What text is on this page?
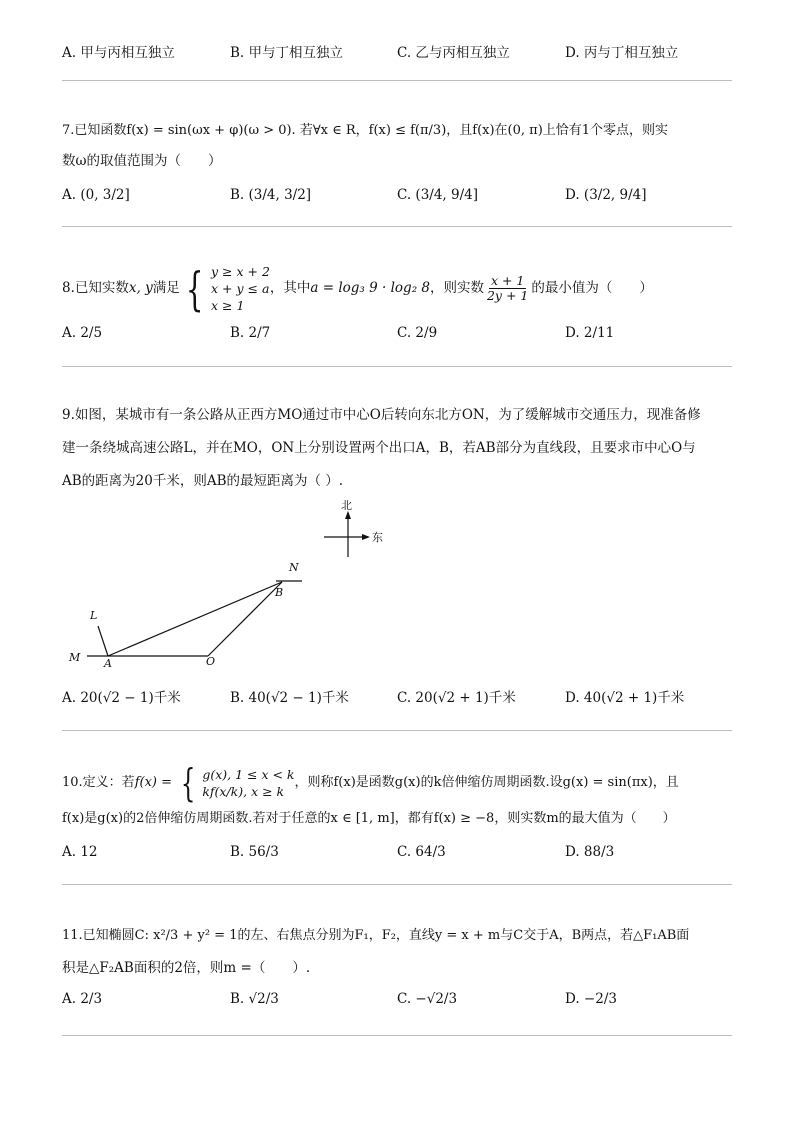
A. 甲与丙相互独立	B. 甲与丁相互独立	C. 乙与丙相互独立	D. 丙与丁相互独立
7.已知函数f(x) = sin(ωx + φ)(ω > 0). 若∀x ∈ R，f(x) ≤ f(π/3)，且f(x)在(0, π)上恰有1个零点，则实
数ω的取值范围为（　　）
A. (0, 3/2]	B. (3/4, 3/2]	C. (3/4, 9/4]	D. (3/2, 9/4]
8.已知实数x, y满足 { y ≥ x + 2
x + y ≤ a
x ≥ 1
，其中a = log₃ 9 · log₂ 8，则实数 $\frac{x + 1}{2y + 1}$ 的最小值为（　　）
A. 2/5	B. 2/7	C. 2/9	D. 2/11
9.如图，某城市有一条公路从正西方MO通过市中心O后转向东北方ON，为了缓解城市交通压力，现准备修
建一条绕城高速公路L，并在MO，ON上分别设置两个出口A，B，若AB部分为直线段，且要求市中心O与
AB的距离为20千米，则AB的最短距离为（ ）.
北
东
N
B
L
M A	O
A. 20(√2 − 1)千米	B. 40(√2 − 1)千米	C. 20(√2 + 1)千米	D. 40(√2 + 1)千米
10.定义：若f(x) = { g(x), 1 ≤ x < k
kf(x/k), x ≥ k
，则称f(x)是函数g(x)的k倍伸缩仿周期函数.设g(x) = sin(πx)，且
f(x)是g(x)的2倍伸缩仿周期函数.若对于任意的x ∈ [1, m]，都有f(x) ≥ −8，则实数m的最大值为（　　）
A. 12	B. 56/3	C. 64/3	D. 88/3
11.已知椭圆C: x²/3 + y² = 1的左、右焦点分别为F₁，F₂，直线y = x + m与C交于A，B两点，若△F₁AB面
积是△F₂AB面积的2倍，则m =（　　）.
A. 2/3	B. √2/3	C. −√2/3	D. −2/3
